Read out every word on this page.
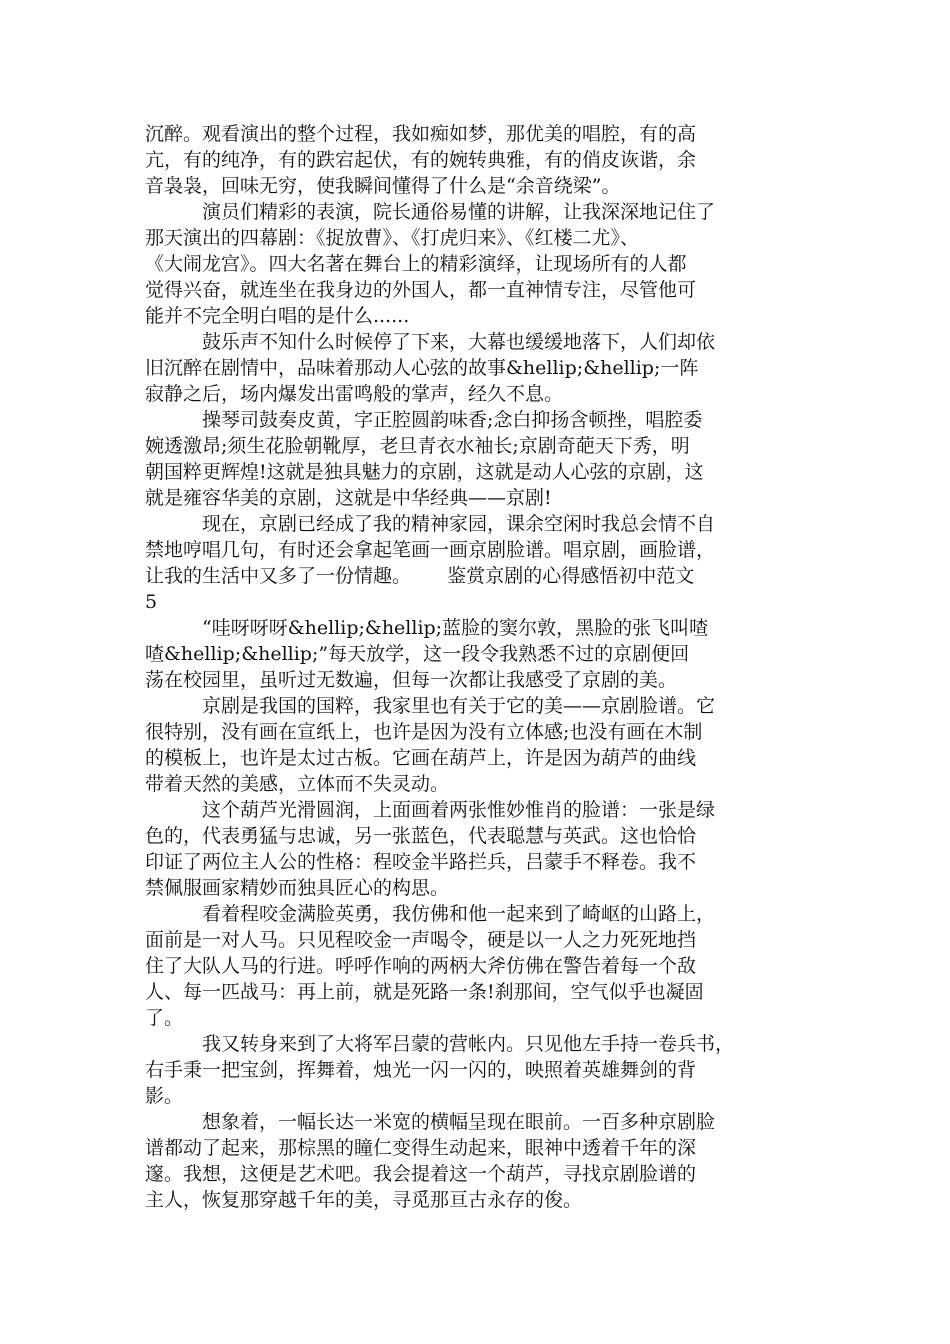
沉醉。观看演出的整个过程，我如痴如梦，那优美的唱腔，有的高
亢，有的纯净，有的跌宕起伏，有的婉转典雅，有的俏皮诙谐，余
音袅袅，回味无穷，使我瞬间懂得了什么是“余音绕梁”。
演员们精彩的表演，院长通俗易懂的讲解，让我深深地记住了
那天演出的四幕剧：《捉放曹》、《打虎归来》、《红楼二尤》、
《大闹龙宫》。四大名著在舞台上的精彩演绎，让现场所有的人都
觉得兴奋，就连坐在我身边的外国人，都一直神情专注，尽管他可
能并不完全明白唱的是什么......
鼓乐声不知什么时候停了下来，大幕也缓缓地落下，人们却依
旧沉醉在剧情中，品味着那动人心弦的故事&hellip;&hellip;一阵
寂静之后，场内爆发出雷鸣般的掌声，经久不息。
操琴司鼓奏皮黄，字正腔圆韵味香;念白抑扬含顿挫，唱腔委
婉透激昂;须生花脸朝靴厚，老旦青衣水袖长;京剧奇葩天下秀，明
朝国粹更辉煌!这就是独具魅力的京剧，这就是动人心弦的京剧，这
就是雍容华美的京剧，这就是中华经典——京剧!
现在，京剧已经成了我的精神家园，课余空闲时我总会情不自
禁地哼唱几句，有时还会拿起笔画一画京剧脸谱。唱京剧，画脸谱，
让我的生活中又多了一份情趣。      鉴赏京剧的心得感悟初中范文
5
“哇呀呀呀&hellip;&hellip;蓝脸的窦尔敦，黑脸的张飞叫喳
喳&hellip;&hellip;”每天放学，这一段令我熟悉不过的京剧便回
荡在校园里，虽听过无数遍，但每一次都让我感受了京剧的美。
京剧是我国的国粹，我家里也有关于它的美——京剧脸谱。它
很特别，没有画在宣纸上，也许是因为没有立体感;也没有画在木制
的模板上，也许是太过古板。它画在葫芦上，许是因为葫芦的曲线
带着天然的美感，立体而不失灵动。
这个葫芦光滑圆润，上面画着两张惟妙惟肖的脸谱：一张是绿
色的，代表勇猛与忠诚，另一张蓝色，代表聪慧与英武。这也恰恰
印证了两位主人公的性格：程咬金半路拦兵，吕蒙手不释卷。我不
禁佩服画家精妙而独具匠心的构思。
看着程咬金满脸英勇，我仿佛和他一起来到了崎岖的山路上，
面前是一对人马。只见程咬金一声喝令，硬是以一人之力死死地挡
住了大队人马的行进。呼呼作响的两柄大斧仿佛在警告着每一个敌
人、每一匹战马：再上前，就是死路一条!刹那间，空气似乎也凝固
了。
我又转身来到了大将军吕蒙的营帐内。只见他左手持一卷兵书，
右手秉一把宝剑，挥舞着，烛光一闪一闪的，映照着英雄舞剑的背
影。
想象着，一幅长达一米宽的横幅呈现在眼前。一百多种京剧脸
谱都动了起来，那棕黑的瞳仁变得生动起来，眼神中透着千年的深
邃。我想，这便是艺术吧。我会提着这一个葫芦，寻找京剧脸谱的
主人，恢复那穿越千年的美，寻觅那亘古永存的俊。
